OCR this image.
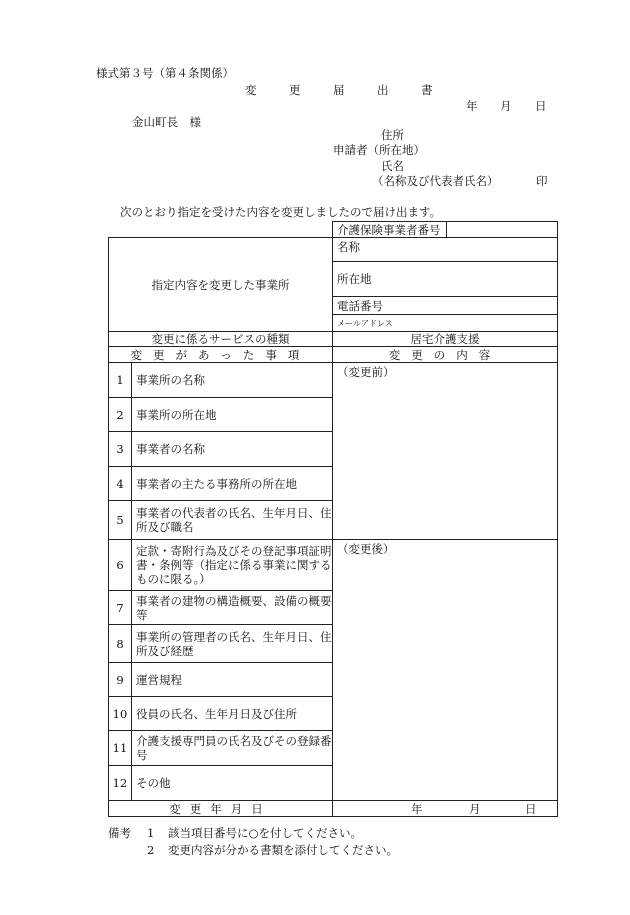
様式第３号（第４条関係）
変	更	届	出	書
年 月 日
金山町長　様
住所
申請者（所在地）
氏名
（名称及び代表者氏名）	印
次のとおり指定を受けた内容を変更しましたので届け出ます。
		介護保険事業者番号	

指定内容を変更した事業所		名称	
		所在地	
		電話番号	
		メールアドレス	
変更に係るサービスの種類		居宅介護支援	
変更があった事項		変更の内容	
1	事業所の名称	（変更前）	
2	事業所の所在地		
3	事業者の名称		
4	事業者の主たる事務所の所在地		
5	事業者の代表者の氏名、生年月日、住所及び職名		
6	定款・寄附行為及びその登記事項証明書・条例等（指定に係る事業に関するものに限る。）	（変更後）	
7	事業者の建物の構造概要、設備の概要等		
8	事業所の管理者の氏名、生年月日、住所及び経歴		
9	運営規程		
10	役員の氏名、生年月日及び住所		
11	介護支援専門員の氏名及びその登録番号		
12	その他		
変更年月日		年 月 日	
備考 1 該当項目番号に○を付してください。
2 変更内容が分かる書類を添付してください。
